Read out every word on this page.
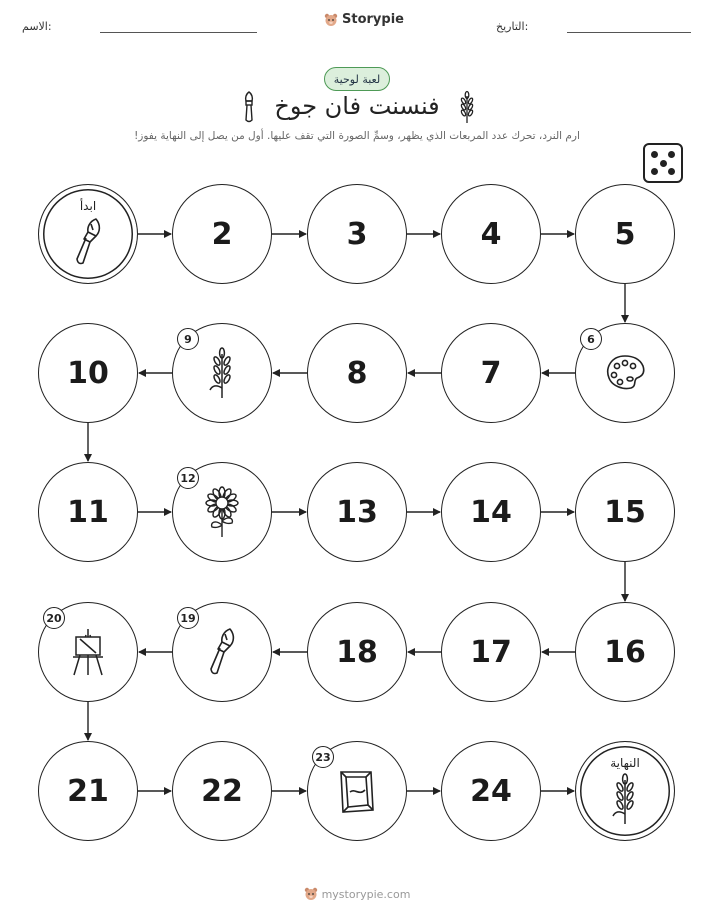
الاسم:	Storypie	التاريخ:
لعبة لوحية
فنسنت فان جوخ
ارم النرد، تحرك عدد المربعات الذي يظهر، وسمِّ الصورة التي تقف عليها. أول من يصل إلى النهاية يفوز!
ابدأ
2	3	4	5
6
7
8
9
10
11
12
13	14	15
16
17
18
19
20
21	22
23
24
النهاية
mystorypie.com
